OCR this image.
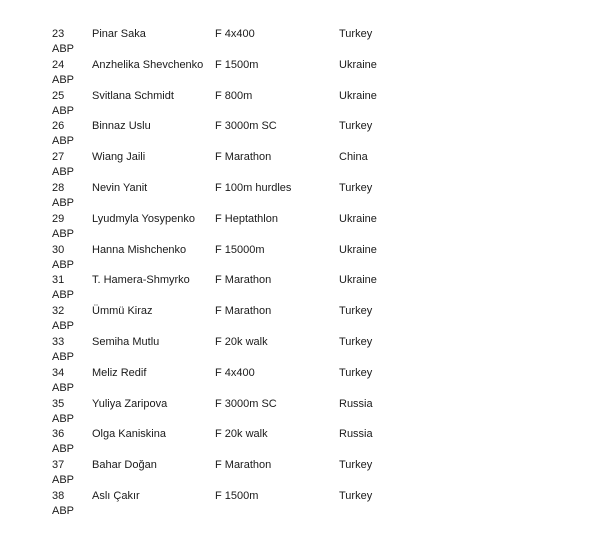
23	Pinar Saka	F 4x400	Turkey
ABP
24	Anzhelika Shevchenko F 1500m	Ukraine
ABP
25	Svitlana Schmidt	F 800m	Ukraine
ABP
26	Binnaz Uslu	F 3000m SC	Turkey
ABP
27	Wiang Jaili	F Marathon	China
ABP
28	Nevin Yanit	F 100m hurdles	Turkey
ABP
29	Lyudmyla Yosypenko F Heptathlon	Ukraine
ABP
30	Hanna Mishchenko	F 15000m	Ukraine
ABP
31	T. Hamera-Shmyrko F Marathon	Ukraine
ABP
32	Ümmü Kiraz	F Marathon	Turkey
ABP
33	Semiha Mutlu	F 20k walk	Turkey
ABP
34	Meliz Redif	F 4x400	Turkey
ABP
35	Yuliya Zaripova	F 3000m SC	Russia
ABP
36	Olga Kaniskina	F 20k walk	Russia
ABP
37	Bahar Doğan	F Marathon	Turkey
ABP
38	Aslı Çakır	F 1500m	Turkey
ABP
